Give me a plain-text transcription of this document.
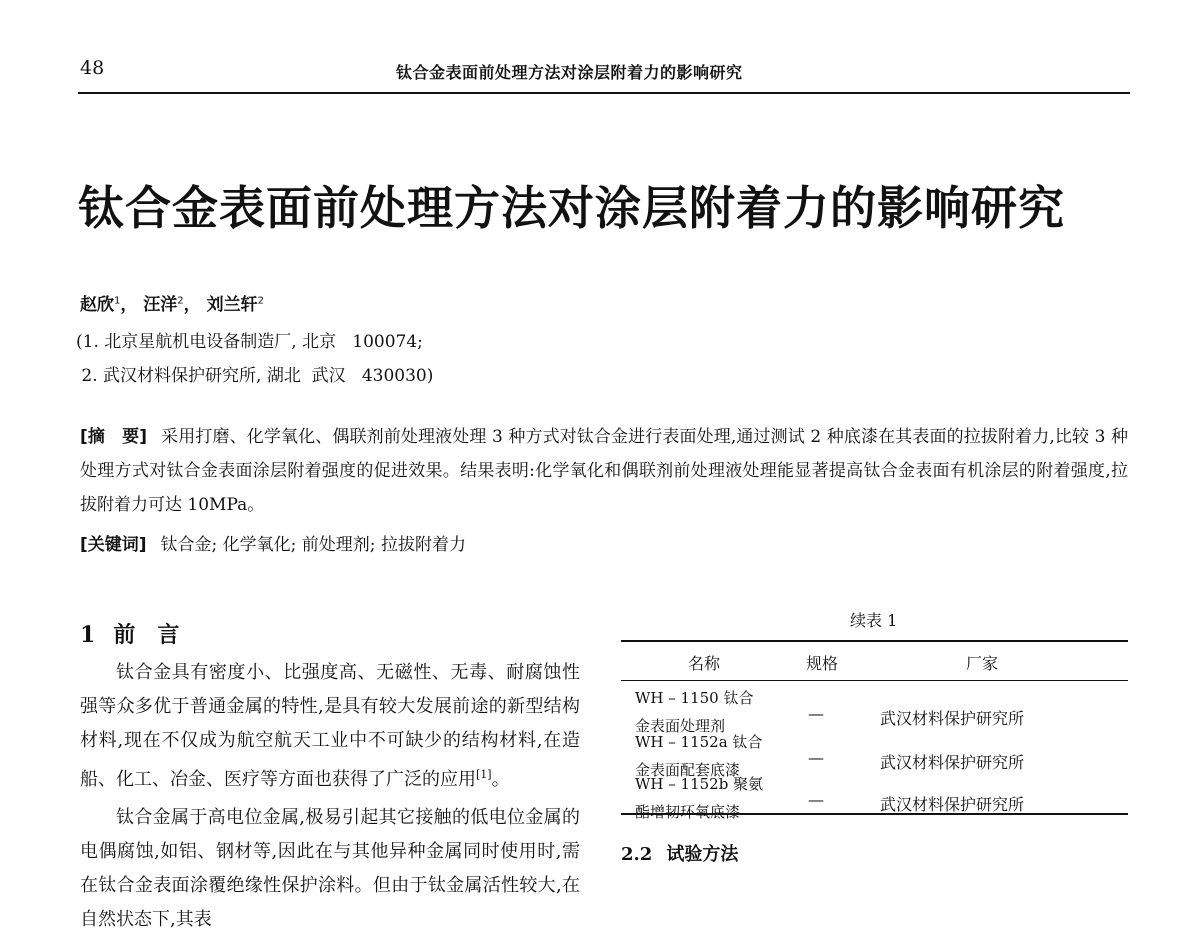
48	钛合金表面前处理方法对涂层附着力的影响研究
钛合金表面前处理方法对涂层附着力的影响研究
赵欣$^1$， 汪洋$^2$， 刘兰轩$^2$
(1. 北京星航机电设备制造厂, 北京   100074;
2. 武汉材料保护研究所, 湖北  武汉   430030)
[摘　要] 采用打磨、化学氧化、偶联剂前处理液处理 3 种方式对钛合金进行表面处理,通过测试 2 种底漆在其表面的拉拔附着力,比较 3 种处理方式对钛合金表面涂层附着强度的促进效果。结果表明:化学氧化和偶联剂前处理液处理能显著提高钛合金表面有机涂层的附着强度,拉拔附着力可达 10MPa。
[关键词] 钛合金; 化学氧化; 前处理剂; 拉拔附着力
1 前　言

钛合金具有密度小、比强度高、无磁性、无毒、耐腐蚀性强等众多优于普通金属的特性,是具有较大发展前途的新型结构材料,现在不仅成为航空航天工业中不可缺少的结构材料,在造船、化工、冶金、医疗等方面也获得了广泛的应用[1]。

钛合金属于高电位金属,极易引起其它接触的低电位金属的电偶腐蚀,如铝、钢材等,因此在与其他异种金属同时使用时,需在钛合金表面涂覆绝缘性保护涂料。但由于钛金属活性较大,在自然状态下,其表

续表 1
名称	规格	厂家
WH – 1150 钛合
金表面处理剂
—	武汉材料保护研究所
WH – 1152a 钛合
金表面配套底漆
—	武汉材料保护研究所
WH – 1152b 聚氨
酯增韧环氧底漆
—	武汉材料保护研究所
2.2 试验方法
